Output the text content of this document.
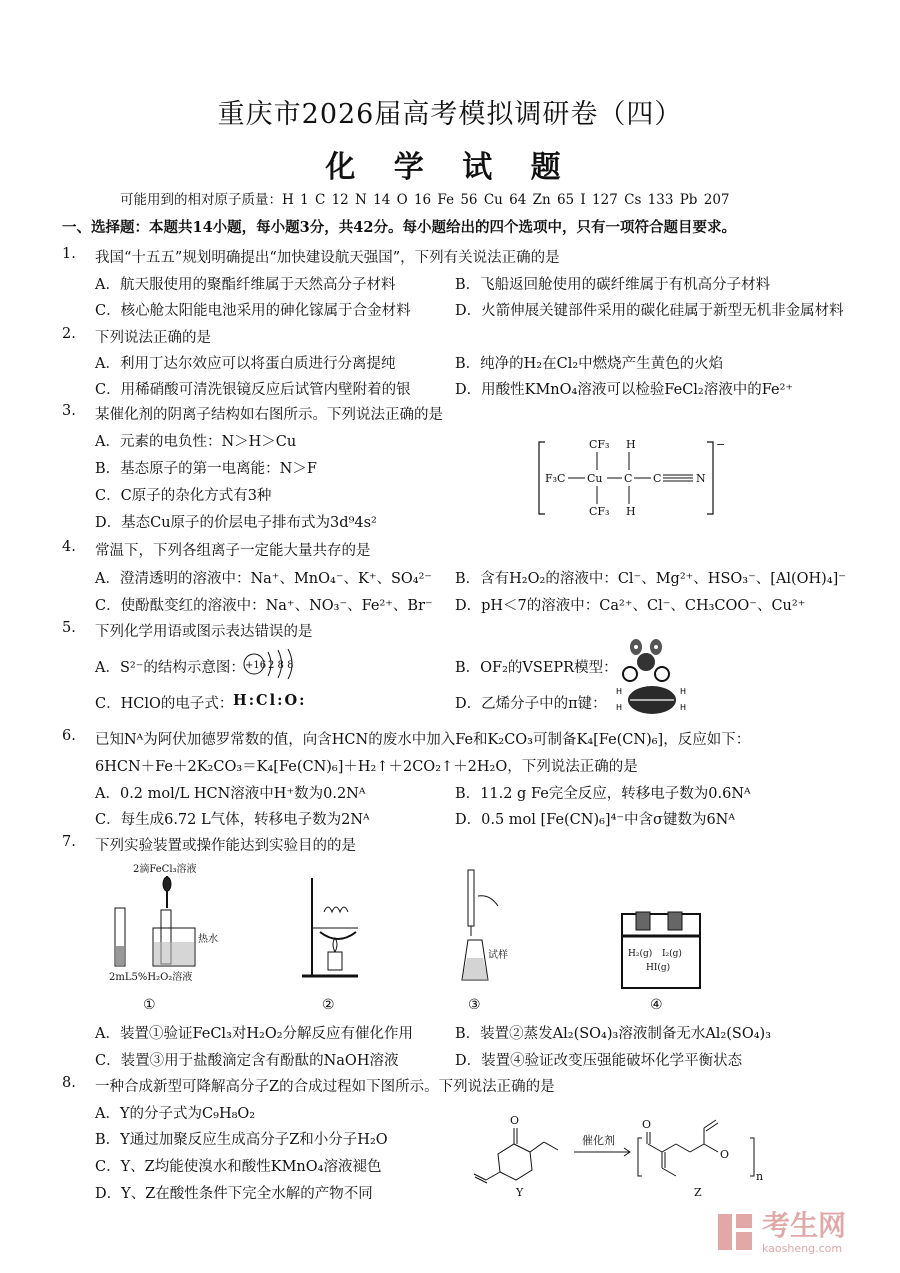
重庆市2026届高考模拟调研卷（四）
化 学 试 题
可能用到的相对原子质量：H 1 C 12 N 14 O 16 Fe 56 Cu 64 Zn 65 I 127 Cs 133 Pb 207
一、选择题：本题共14小题，每小题3分，共42分。每小题给出的四个选项中，只有一项符合题目要求。
1. 我国“十五五”规划明确提出“加快建设航天强国”，下列有关说法正确的是
A．航天服使用的聚酯纤维属于天然高分子材料	B．飞船返回舱使用的碳纤维属于有机高分子材料
C．核心舱太阳能电池采用的砷化镓属于合金材料	D．火箭伸展关键部件采用的碳化硅属于新型无机非金属材料
2. 下列说法正确的是
A．利用丁达尔效应可以将蛋白质进行分离提纯	B．纯净的H₂在Cl₂中燃烧产生黄色的火焰
C．用稀硝酸可清洗银镜反应后试管内壁附着的银	D．用酸性KMnO₄溶液可以检验FeCl₂溶液中的Fe²⁺
3. 某催化剂的阴离子结构如右图所示。下列说法正确的是
A．元素的电负性：N＞H＞Cu
B．基态原子的第一电离能：N＞F
C．C原子的杂化方式有3种
D．基态Cu原子的价层电子排布式为3d⁹4s²
−
CF₃ H
F₃C Cu C C	N
CF₃ H
4. 常温下，下列各组离子一定能大量共存的是
A．澄清透明的溶液中：Na⁺、MnO₄⁻、K⁺、SO₄²⁻ B．含有H₂O₂的溶液中：Cl⁻、Mg²⁺、HSO₃⁻、[Al(OH)₄]⁻
C．使酚酞变红的溶液中：Na⁺、NO₃⁻、Fe²⁺、Br⁻ D．pH＜7的溶液中：Ca²⁺、Cl⁻、CH₃COO⁻、Cu²⁺
5. 下列化学用语或图示表达错误的是
A．S²⁻的结构示意图： +16 2 8 8	B．OF₂的VSEPR模型：
C．HClO的电子式： H:Cl:O:	D．乙烯分子中的π键：
H
H
H
H
6. 已知Nᴬ为阿伏加德罗常数的值，向含HCN的废水中加入Fe和K₂CO₃可制备K₄[Fe(CN)₆]，反应如下：
6HCN＋Fe＋2K₂CO₃＝K₄[Fe(CN)₆]＋H₂↑＋2CO₂↑＋2H₂O，下列说法正确的是
A．0.2 mol/L HCN溶液中H⁺数为0.2Nᴬ	B．11.2 g Fe完全反应，转移电子数为0.6Nᴬ
C．每生成6.72 L气体，转移电子数为2Nᴬ	D．0.5 mol [Fe(CN)₆]⁴⁻中含σ键数为6Nᴬ
7. 下列实验装置或操作能达到实验目的的是
2滴FeCl₃溶液
热水
2mL5%H₂O₂溶液
①	②
试样
③
H₂(g) I₂(g)
HI(g)
④
A．装置①验证FeCl₃对H₂O₂分解反应有催化作用	B．装置②蒸发Al₂(SO₄)₃溶液制备无水Al₂(SO₄)₃
C．装置③用于盐酸滴定含有酚酞的NaOH溶液	D．装置④验证改变压强能破坏化学平衡状态
8. 一种合成新型可降解高分子Z的合成过程如下图所示。下列说法正确的是
A．Y的分子式为C₉H₈O₂
B．Y通过加聚反应生成高分子Z和小分子H₂O
C．Y、Z均能使溴水和酸性KMnO₄溶液褪色
D．Y、Z在酸性条件下完全水解的产物不同
O
Y
催化剂
n
O
O
Z
考生网
kaosheng.com
